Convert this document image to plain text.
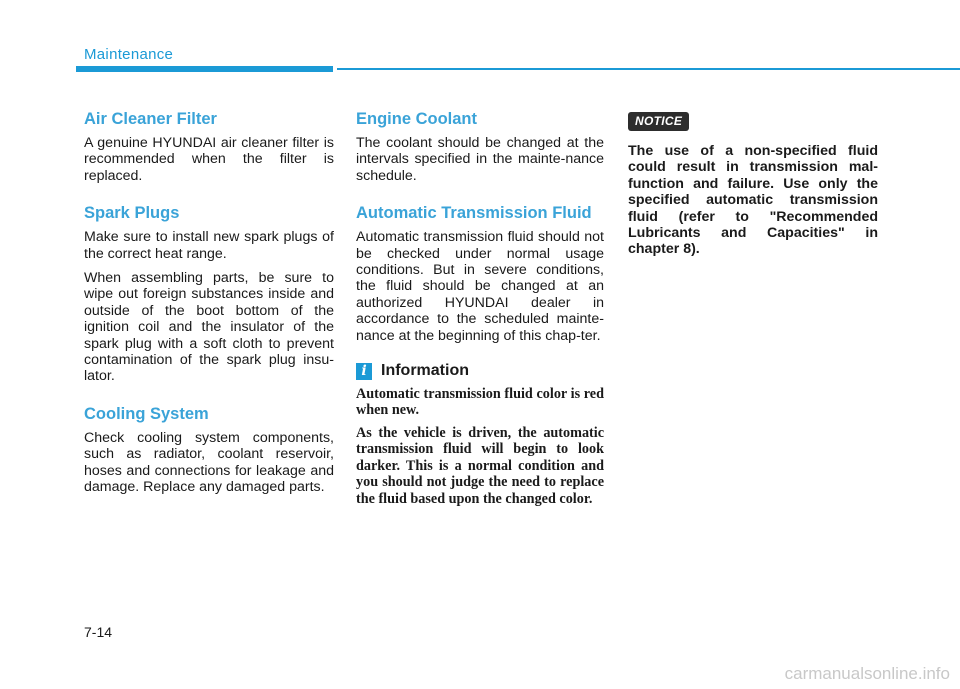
Maintenance
Air Cleaner Filter

A genuine HYUNDAI air cleaner filter is recommended when the filter is replaced.

Spark Plugs

Make sure to install new spark plugs of the correct heat range.

When assembling parts, be sure to wipe out foreign substances inside and outside of the boot bottom of the ignition coil and the insulator of the spark plug with a soft cloth to prevent contamination of the spark plug insu-lator.

Cooling System

Check cooling system components, such as radiator, coolant reservoir, hoses and connections for leakage and damage. Replace any damaged parts.

Engine Coolant

The coolant should be changed at the intervals specified in the mainte-nance schedule.

Automatic Transmission Fluid

Automatic transmission fluid should not be checked under normal usage conditions. But in severe conditions, the fluid should be changed at an authorized HYUNDAI dealer in accordance to the scheduled mainte-nance at the beginning of this chap-ter.

i Information

Automatic transmission fluid color is red when new.

As the vehicle is driven, the automatic transmission fluid will begin to look darker. This is a normal condition and you should not judge the need to replace the fluid based upon the changed color.

NOTICE

The use of a non-specified fluid could result in transmission mal-function and failure. Use only the specified automatic transmission fluid (refer to "Recommended Lubricants and Capacities" in chapter 8).

7-14
carmanualsonline.info
